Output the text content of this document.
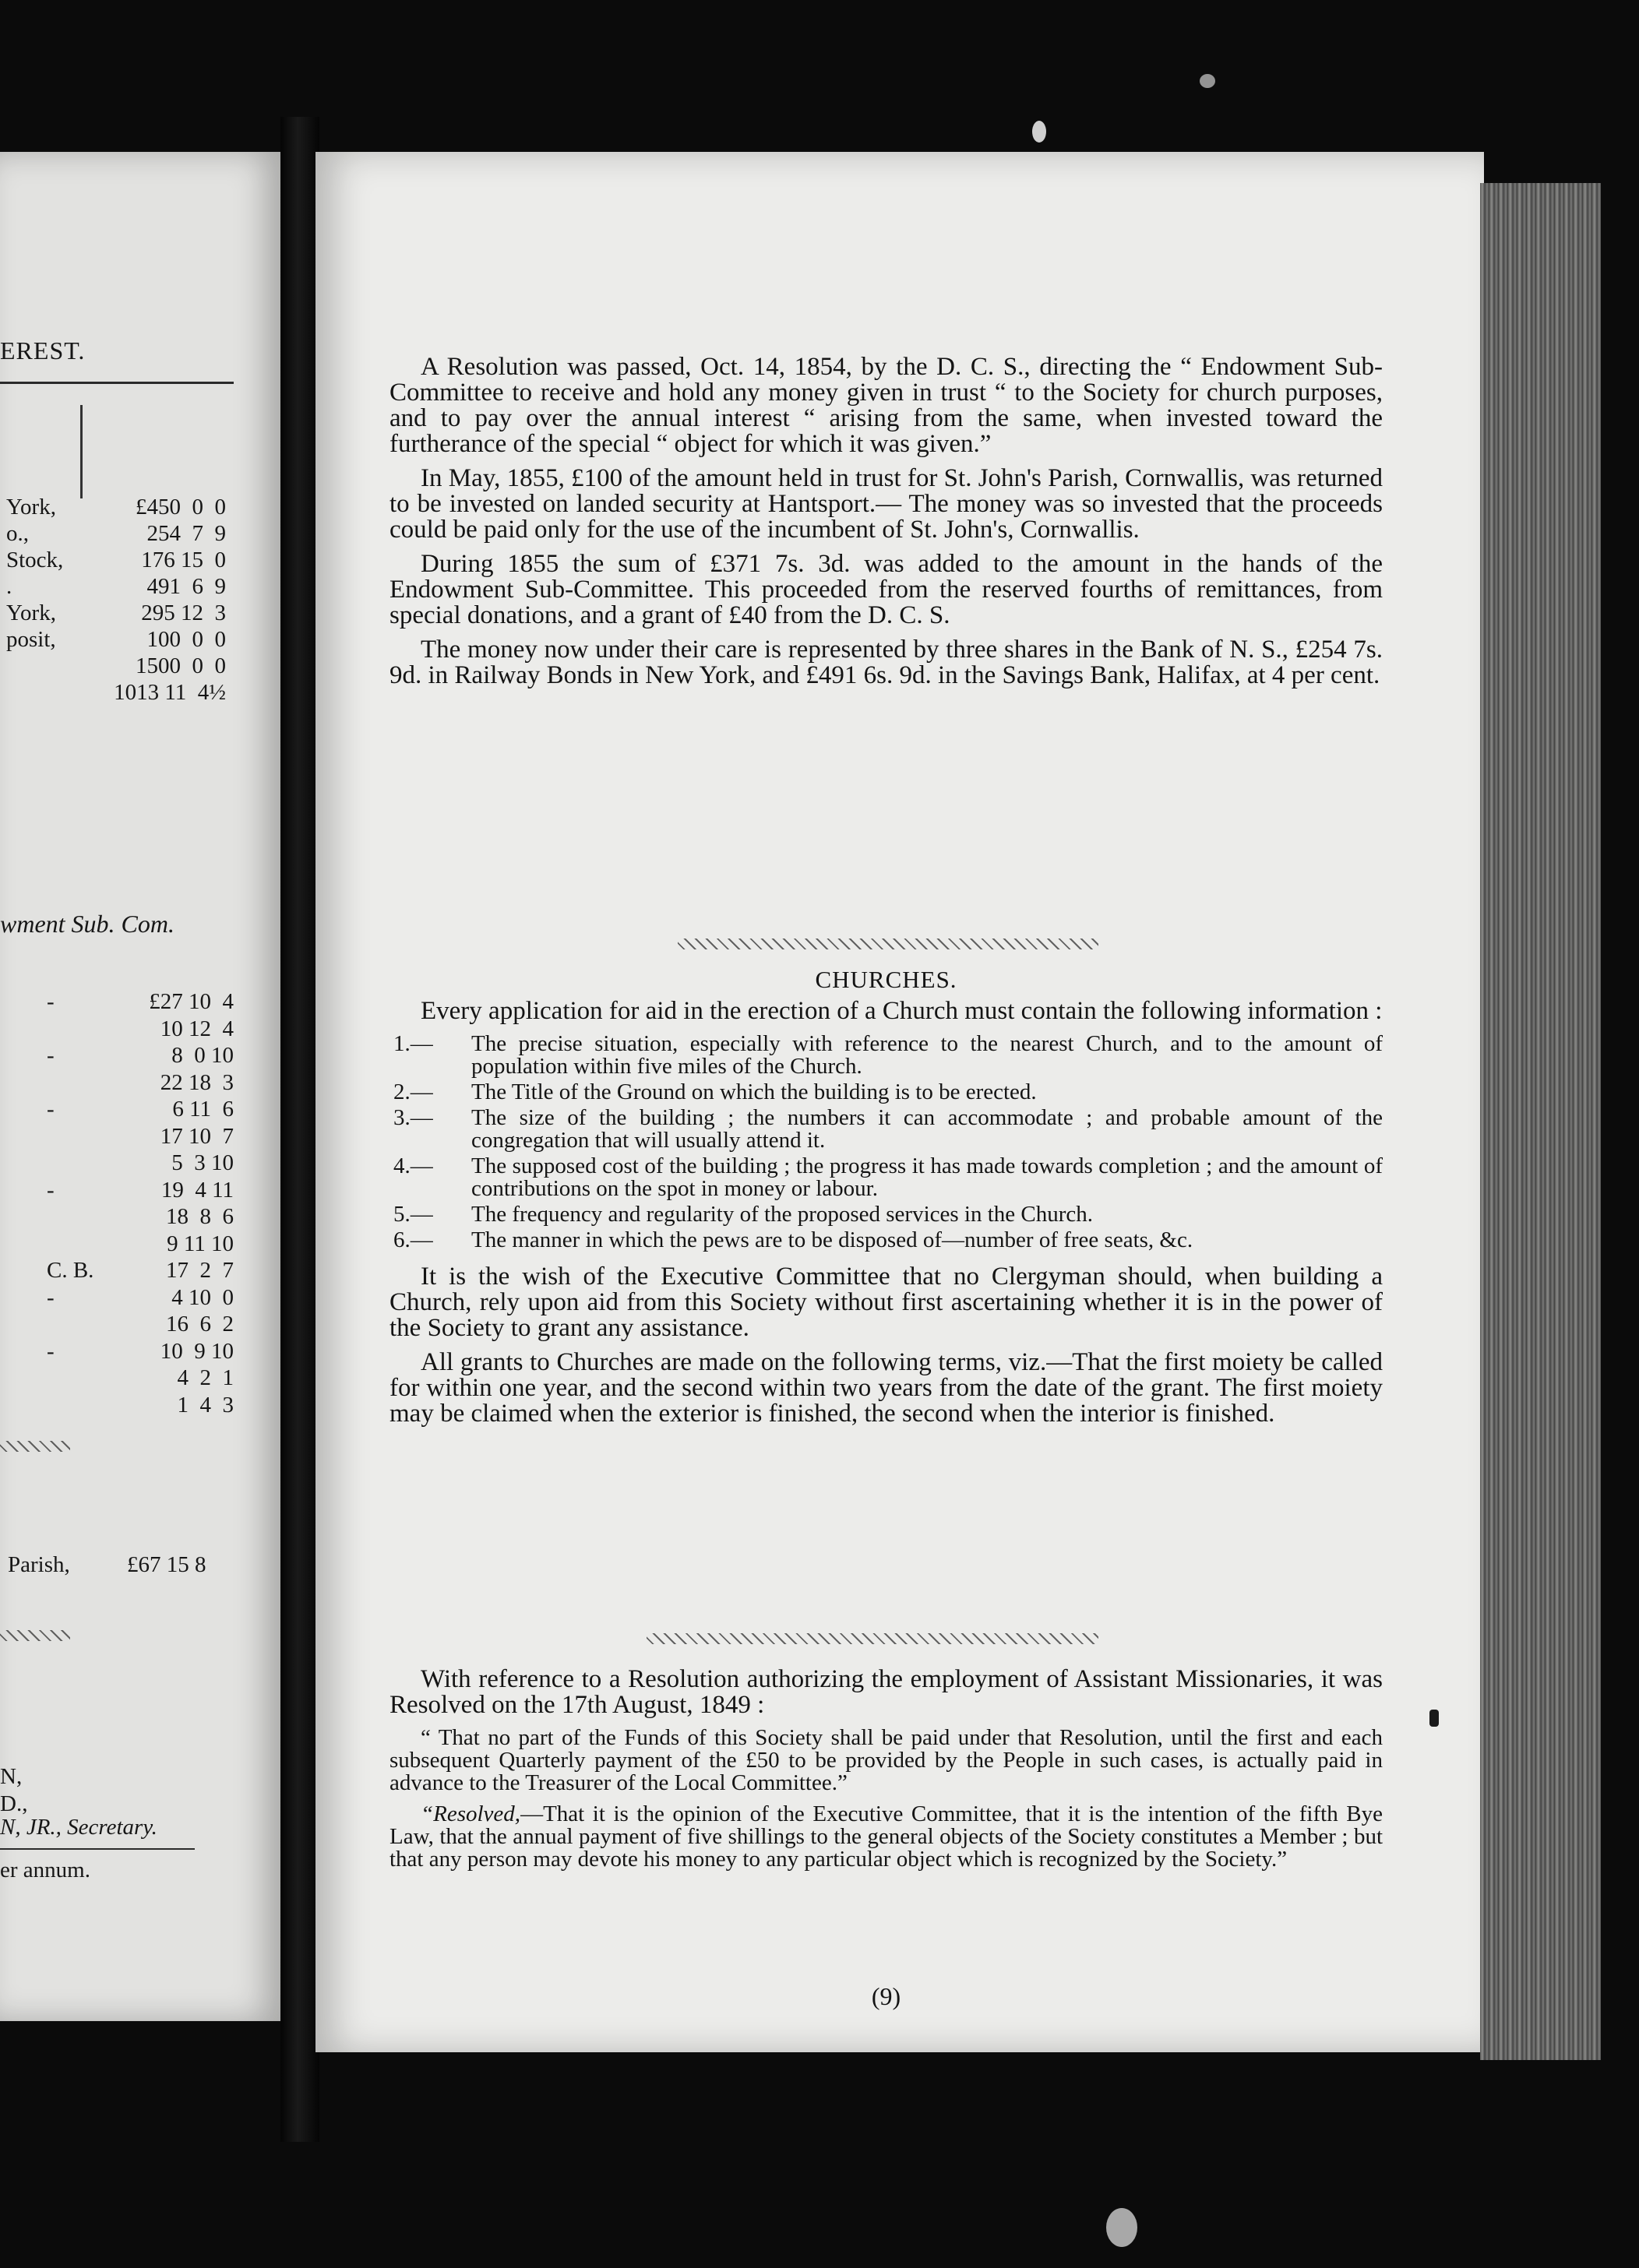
EREST.
York,	£450  0  0
o.,	254  7  9
Stock,	176 15  0
.	491  6  9
York,	295 12  3
posit,	100  0  0
1500  0  0
1013 11  4½
wment Sub. Com.
-	£27 10  4
10 12  4
-	8  0 10
22 18  3
-	6 11  6
17 10  7
5  3 10
-	19  4 11
18  8  6
9 11 10
C. B.	17  2  7
-	4 10  0
16  6  2
-	10  9 10
4  2  1
1  4  3
Parish,	£67 15 8
N,
D.,
N, JR., Secretary.
er annum.

A Resolution was passed, Oct. 14, 1854, by the D. C. S., directing the “ Endowment Sub-Committee to receive and hold any money given in trust “ to the Society for church purposes, and to pay over the annual interest “ arising from the same, when invested toward the furtherance of the special “ object for which it was given.”

In May, 1855, £100 of the amount held in trust for St. John's Parish, Cornwallis, was returned to be invested on landed security at Hantsport.— The money was so invested that the proceeds could be paid only for the use of the incumbent of St. John's, Cornwallis.

During 1855 the sum of £371 7s. 3d. was added to the amount in the hands of the Endowment Sub-Committee. This proceeded from the reserved fourths of remittances, from special donations, and a grant of £40 from the D. C. S.

The money now under their care is represented by three shares in the Bank of N. S., £254 7s. 9d. in Railway Bonds in New York, and £491 6s. 9d. in the Savings Bank, Halifax, at 4 per cent.

CHURCHES.

Every application for aid in the erection of a Church must contain the following information :

1.— The precise situation, especially with reference to the nearest Church, and to the amount of population within five miles of the Church.
2.— The Title of the Ground on which the building is to be erected.
3.— The size of the building ; the numbers it can accommodate ; and probable amount of the congregation that will usually attend it.
4.— The supposed cost of the building ; the progress it has made towards completion ; and the amount of contributions on the spot in money or labour.
5.— The frequency and regularity of the proposed services in the Church.
6.— The manner in which the pews are to be disposed of—number of free seats, &c.

It is the wish of the Executive Committee that no Clergyman should, when building a Church, rely upon aid from this Society without first ascertaining whether it is in the power of the Society to grant any assistance.

All grants to Churches are made on the following terms, viz.—That the first moiety be called for within one year, and the second within two years from the date of the grant. The first moiety may be claimed when the exterior is finished, the second when the interior is finished.

With reference to a Resolution authorizing the employment of Assistant Missionaries, it was Resolved on the 17th August, 1849 :

“ That no part of the Funds of this Society shall be paid under that Resolution, until the first and each subsequent Quarterly payment of the £50 to be provided by the People in such cases, is actually paid in advance to the Treasurer of the Local Committee.”

“Resolved,—That it is the opinion of the Executive Committee, that it is the intention of the fifth Bye Law, that the annual payment of five shillings to the general objects of the Society constitutes a Member ; but that any person may devote his money to any particular object which is recognized by the Society.”

(9)
